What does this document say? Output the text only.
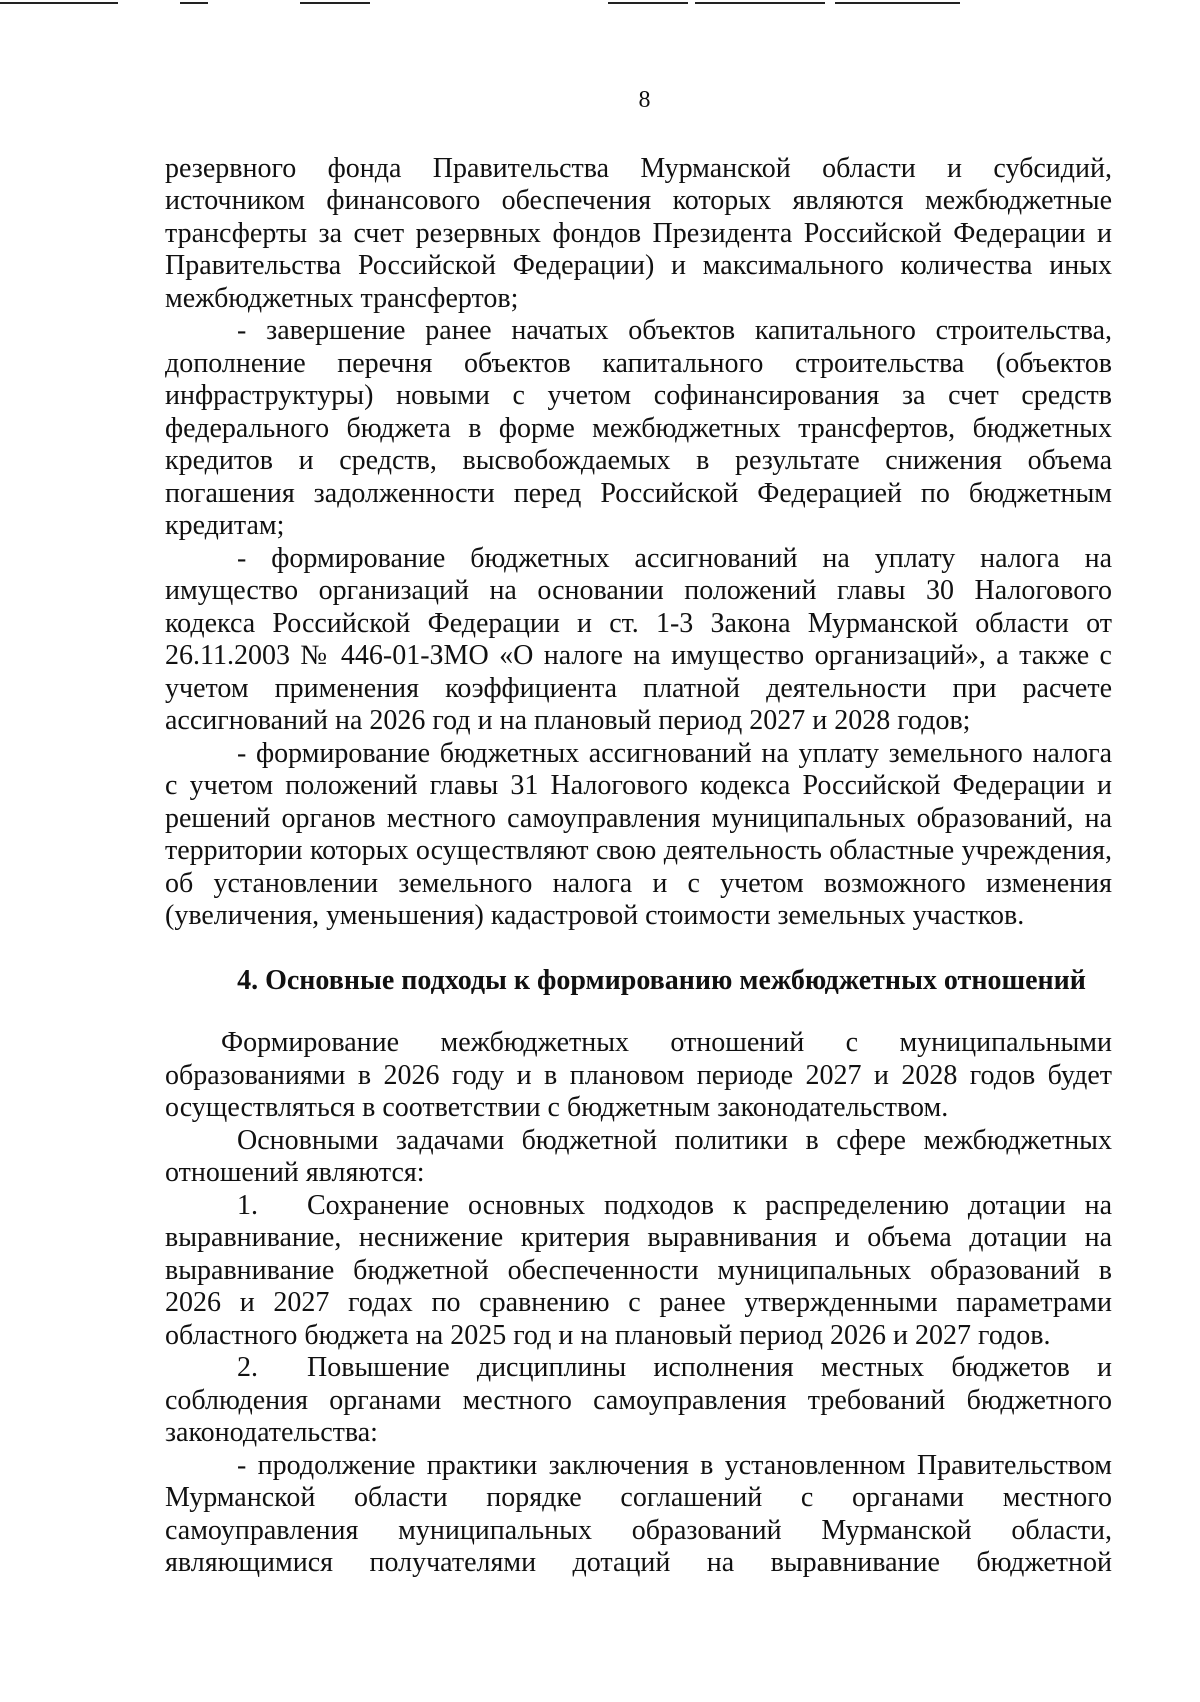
8

резервного фонда Правительства Мурманской области и субсидий, источником финансового обеспечения которых являются межбюджетные трансферты за счет резервных фондов Президента Российской Федерации и Правительства Российской Федерации) и максимального количества иных межбюджетных трансфертов;

- завершение ранее начатых объектов капитального строительства, дополнение перечня объектов капитального строительства (объектов инфраструктуры) новыми с учетом софинансирования за счет средств федерального бюджета в форме межбюджетных трансфертов, бюджетных кредитов и средств, высвобождаемых в результате снижения объема погашения задолженности перед Российской Федерацией по бюджетным кредитам;

- формирование бюджетных ассигнований на уплату налога на имущество организаций на основании положений главы 30 Налогового кодекса Российской Федерации и ст. 1-3 Закона Мурманской области от 26.11.2003 № 446-01-ЗМО «О налоге на имущество организаций», а также с учетом применения коэффициента платной деятельности при расчете ассигнований на 2026 год и на плановый период 2027 и 2028 годов;

- формирование бюджетных ассигнований на уплату земельного налога с учетом положений главы 31 Налогового кодекса Российской Федерации и решений органов местного самоуправления муниципальных образований, на территории которых осуществляют свою деятельность областные учреждения, об установлении земельного налога и с учетом возможного изменения (увеличения, уменьшения) кадастровой стоимости земельных участков.

4. Основные подходы к формированию межбюджетных отношений

Формирование межбюджетных отношений с муниципальными образованиями в 2026 году и в плановом периоде 2027 и 2028 годов будет осуществляться в соответствии с бюджетным законодательством.

Основными задачами бюджетной политики в сфере межбюджетных отношений являются:

1. Сохранение основных подходов к распределению дотации на выравнивание, неснижение критерия выравнивания и объема дотации на выравнивание бюджетной обеспеченности муниципальных образований в 2026 и 2027 годах по сравнению с ранее утвержденными параметрами областного бюджета на 2025 год и на плановый период 2026 и 2027 годов.

2. Повышение дисциплины исполнения местных бюджетов и соблюдения органами местного самоуправления требований бюджетного законодательства:

- продолжение практики заключения в установленном Правительством Мурманской области порядке соглашений с органами местного самоуправления муниципальных образований Мурманской области, являющимися получателями дотаций на выравнивание бюджетной
